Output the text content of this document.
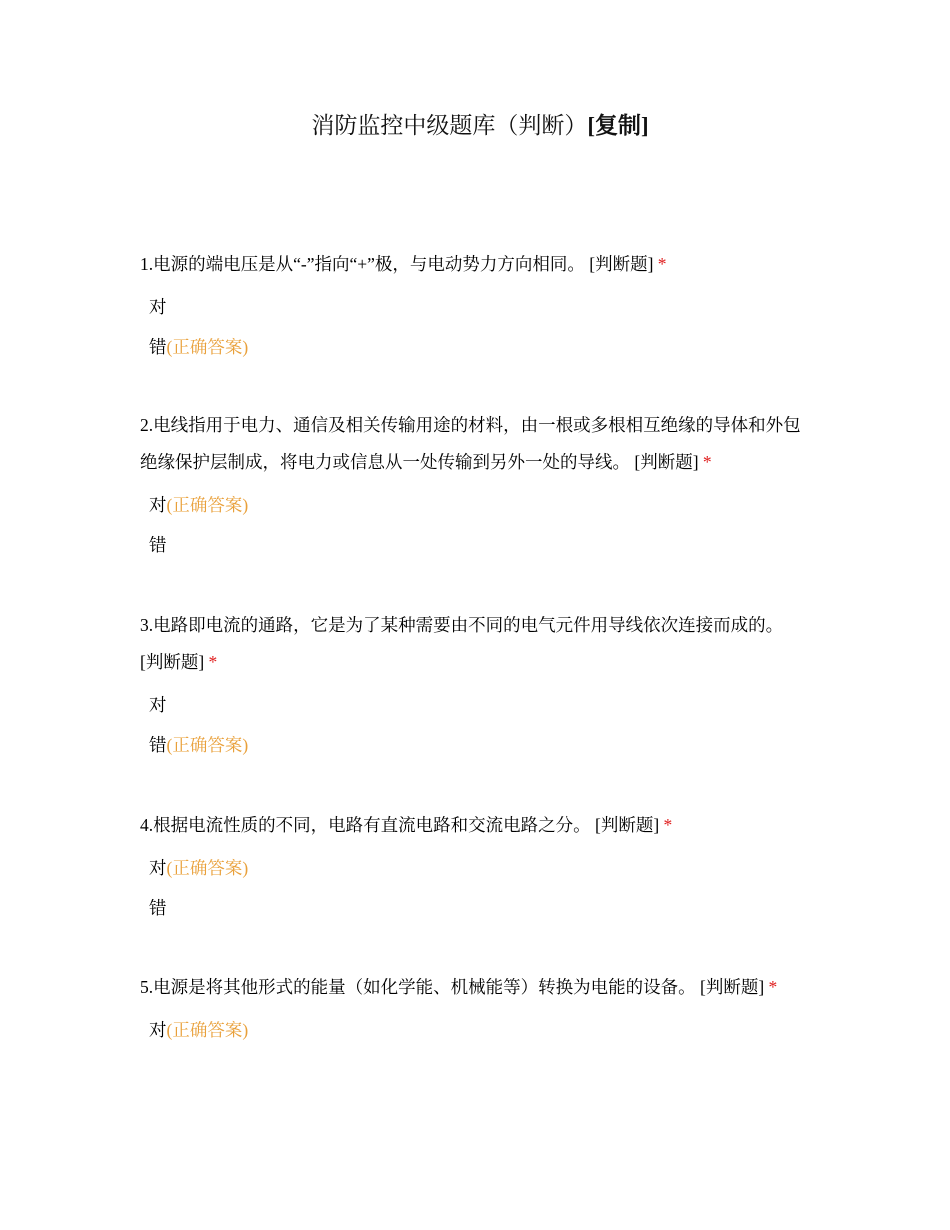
消防监控中级题库（判断）[复制]
1.电源的端电压是从“-”指向“+”极，与电动势力方向相同。 [判断题] *
对
错(正确答案)
2.电线指用于电力、通信及相关传输用途的材料，由一根或多根相互绝缘的导体和外包绝缘保护层制成，将电力或信息从一处传输到另外一处的导线。 [判断题] *
对(正确答案)
错
3.电路即电流的通路，它是为了某种需要由不同的电气元件用导线依次连接而成的。 [判断题] *
对
错(正确答案)
4.根据电流性质的不同，电路有直流电路和交流电路之分。 [判断题] *
对(正确答案)
错
5.电源是将其他形式的能量（如化学能、机械能等）转换为电能的设备。 [判断题] *
对(正确答案)
